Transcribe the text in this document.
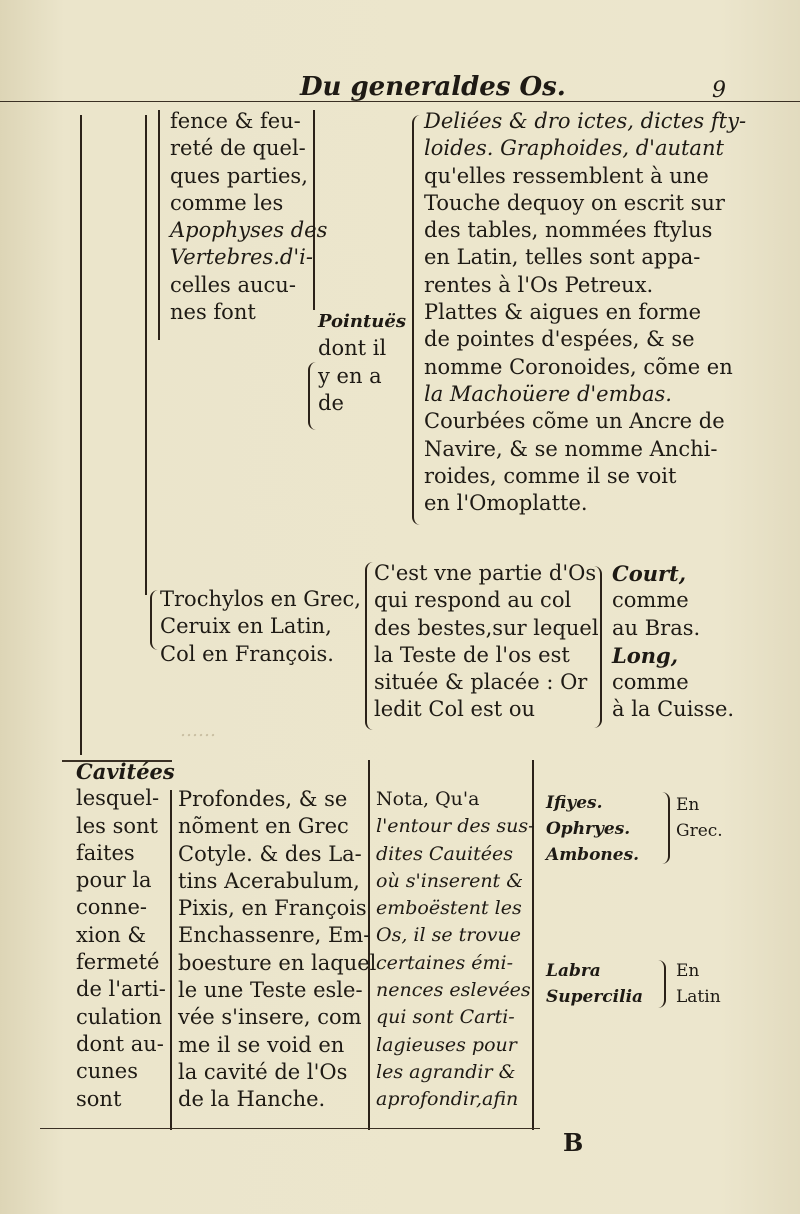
……
Du generaldes Os.	9
fence & feu-
reté de quel-
ques parties,
comme les
Apophyses des
Vertebres.d'i-
celles aucu-
nes font	Pointuës
dont il
y en a
de
Deliées & dro ictes, dictes fty-
loides. Graphoides, d'autant
qu'elles ressemblent à une
Touche dequoy on escrit sur
des tables, nommées ftylus
en Latin, telles sont appa-
rentes à l'Os Petreux.
Plattes & aigues en forme
de pointes d'espées, & se
nomme Coronoides, cõme en
la Machoüere d'embas.
Courbées cõme un Ancre de
Navire, & se nomme Anchi-
roides, comme il se voit
en l'Omoplatte.
Trochylos en Grec,
Ceruix en Latin,
Col en François.
C'est vne partie d'Os
qui respond au col
des bestes,sur lequel
la Teste de l'os est
située & placée : Or
ledit Col est ou
Court,
comme
au Bras.
Long,
comme
à la Cuisse.
Cavitées
lesquel-
les sont
faites
pour la
conne-
xion &
fermeté
de l'arti-
culation
dont au-
cunes
sont
Profondes, & se
nõment en Grec
Cotyle. & des La-
tins Acerabulum,
Pixis, en François
Enchassenre, Em-
boesture en laquel
le une Teste esle-
vée s'insere, com
me il se void en
la cavité de l'Os
de la Hanche.
Nota, Qu'a
l'entour des sus-
dites Cauitées
où s'inserent &
emboëstent les
Os, il se trovue
certaines émi-
nences eslevées
qui sont Carti-
lagieuses pour
les agrandir &
aprofondir,afin
Ifiyes.
Ophryes.
Ambones.
En
Grec.
Labra
Supercilia
En
Latin
B
